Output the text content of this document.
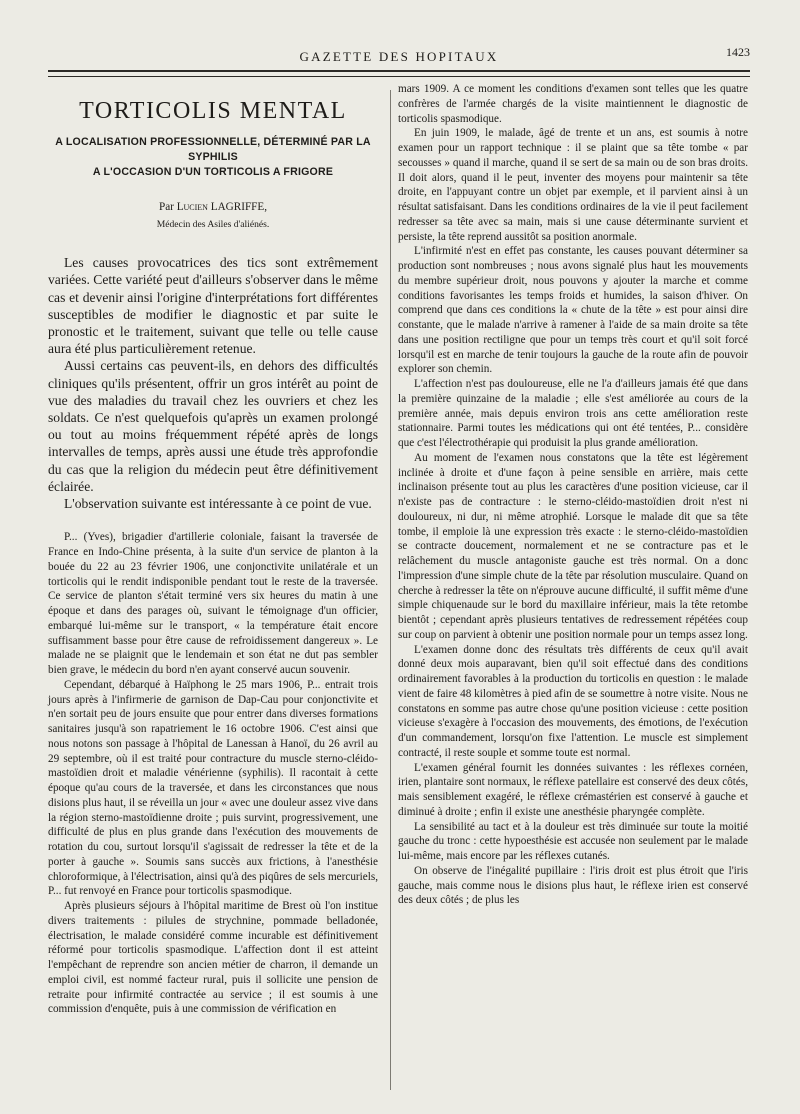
GAZETTE DES HOPITAUX	1423
TORTICOLIS MENTAL
A LOCALISATION PROFESSIONNELLE, DÉTERMINÉ PAR LA SYPHILIS
A L'OCCASION D'UN TORTICOLIS A FRIGORE
Par Lucien LAGRIFFE,
Médecin des Asiles d'aliénés.

Les causes provocatrices des tics sont extrêmement variées. Cette variété peut d'ailleurs s'observer dans le même cas et devenir ainsi l'origine d'interprétations fort différentes susceptibles de modifier le diagnostic et par suite le pronostic et le traitement, suivant que telle ou telle cause aura été plus particulièrement retenue.

Aussi certains cas peuvent-ils, en dehors des difficultés cliniques qu'ils présentent, offrir un gros intérêt au point de vue des maladies du travail chez les ouvriers et chez les soldats. Ce n'est quelquefois qu'après un examen prolongé ou tout au moins fréquemment répété après de longs intervalles de temps, après aussi une étude très approfondie du cas que la religion du médecin peut être définitivement éclairée.

L'observation suivante est intéressante à ce point de vue.

P... (Yves), brigadier d'artillerie coloniale, faisant la traversée de France en Indo-Chine présenta, à la suite d'un service de planton à la bouée du 22 au 23 février 1906, une conjonctivite unilatérale et un torticolis qui le rendit indisponible pendant tout le reste de la traversée. Ce service de planton s'était terminé vers six heures du matin à une époque et dans des parages où, suivant le témoignage d'un officier, embarqué lui-même sur le transport, « la température était encore suffisamment basse pour être cause de refroidissement dangereux ». Le malade ne se plaignit que le lendemain et son état ne dut pas sembler bien grave, le médecin du bord n'en ayant conservé aucun souvenir.

Cependant, débarqué à Haïphong le 25 mars 1906, P... entrait trois jours après à l'infirmerie de garnison de Dap-Cau pour conjonctivite et n'en sortait peu de jours ensuite que pour entrer dans diverses formations sanitaires jusqu'à son rapatriement le 16 octobre 1906. C'est ainsi que nous notons son passage à l'hôpital de Lanessan à Hanoï, du 26 avril au 29 septembre, où il est traité pour contracture du muscle sterno-cléido-mastoïdien droit et maladie vénérienne (syphilis). Il racontait à cette époque qu'au cours de la traversée, et dans les circonstances que nous disions plus haut, il se réveilla un jour « avec une douleur assez vive dans la région sterno-mastoïdienne droite ; puis survint, progressivement, une difficulté de plus en plus grande dans l'exécution des mouvements de rotation du cou, surtout lorsqu'il s'agissait de redresser la tête et de la porter à gauche ». Soumis sans succès aux frictions, à l'anesthésie chloroformique, à l'électrisation, ainsi qu'à des piqûres de sels mercuriels, P... fut renvoyé en France pour torticolis spasmodique.

Après plusieurs séjours à l'hôpital maritime de Brest où l'on institue divers traitements : pilules de strychnine, pommade belladonée, électrisation, le malade considéré comme incurable est définitivement réformé pour torticolis spasmodique. L'affection dont il est atteint l'empêchant de reprendre son ancien métier de charron, il demande un emploi civil, est nommé facteur rural, puis il sollicite une pension de retraite pour infirmité contractée au service ; il est soumis à une commission d'enquête, puis à une commission de vérification en

mars 1909. A ce moment les conditions d'examen sont telles que les quatre confrères de l'armée chargés de la visite maintiennent le diagnostic de torticolis spasmodique.

En juin 1909, le malade, âgé de trente et un ans, est soumis à notre examen pour un rapport technique : il se plaint que sa tête tombe « par secousses » quand il marche, quand il se sert de sa main ou de son bras droits. Il doit alors, quand il le peut, inventer des moyens pour maintenir sa tête droite, en l'appuyant contre un objet par exemple, et il parvient ainsi à un résultat satisfaisant. Dans les conditions ordinaires de la vie il peut facilement redresser sa tête avec sa main, mais si une cause déterminante survient et persiste, la tête reprend aussitôt sa position anormale.

L'infirmité n'est en effet pas constante, les causes pouvant déterminer sa production sont nombreuses ; nous avons signalé plus haut les mouvements du membre supérieur droit, nous pouvons y ajouter la marche et comme conditions favorisantes les temps froids et humides, la saison d'hiver. On comprend que dans ces conditions la « chute de la tête » est pour ainsi dire constante, que le malade n'arrive à ramener à l'aide de sa main droite sa tête dans une position rectiligne que pour un temps très court et qu'il soit forcé lorsqu'il est en marche de tenir toujours la gauche de la route afin de pouvoir explorer son chemin.

L'affection n'est pas douloureuse, elle ne l'a d'ailleurs jamais été que dans la première quinzaine de la maladie ; elle s'est améliorée au cours de la première année, mais depuis environ trois ans cette amélioration reste stationnaire. Parmi toutes les médications qui ont été tentées, P... considère que c'est l'électrothérapie qui produisit la plus grande amélioration.

Au moment de l'examen nous constatons que la tête est légèrement inclinée à droite et d'une façon à peine sensible en arrière, mais cette inclinaison présente tout au plus les caractères d'une position vicieuse, car il n'existe pas de contracture : le sterno-cléido-mastoïdien droit n'est ni douloureux, ni dur, ni même atrophié. Lorsque le malade dit que sa tête tombe, il emploie là une expression très exacte : le sterno-cléido-mastoïdien se contracte doucement, normalement et ne se contracture pas et le relâchement du muscle antagoniste gauche est très normal. On a donc l'impression d'une simple chute de la tête par résolution musculaire. Quand on cherche à redresser la tête on n'éprouve aucune difficulté, il suffit même d'une simple chiquenaude sur le bord du maxillaire inférieur, mais la tête retombe bientôt ; cependant après plusieurs tentatives de redressement répétées coup sur coup on parvient à obtenir une position normale pour un temps assez long.

L'examen donne donc des résultats très différents de ceux qu'il avait donné deux mois auparavant, bien qu'il soit effectué dans des conditions ordinairement favorables à la production du torticolis en question : le malade vient de faire 48 kilomètres à pied afin de se soumettre à notre visite. Nous ne constatons en somme pas autre chose qu'une position vicieuse : cette position vicieuse s'exagère à l'occasion des mouvements, des émotions, de l'exécution d'un commandement, lorsqu'on fixe l'attention. Le muscle est simplement contracté, il reste souple et somme toute est normal.

L'examen général fournit les données suivantes : les réflexes cornéen, irien, plantaire sont normaux, le réflexe patellaire est conservé des deux côtés, mais sensiblement exagéré, le réflexe crémastérien est conservé à gauche et diminué à droite ; enfin il existe une anesthésie pharyngée complète.

La sensibilité au tact et à la douleur est très diminuée sur toute la moitié gauche du tronc : cette hypoesthésie est accusée non seulement par le malade lui-même, mais encore par les réflexes cutanés.

On observe de l'inégalité pupillaire : l'iris droit est plus étroit que l'iris gauche, mais comme nous le disions plus haut, le réflexe irien est conservé des deux côtés ; de plus les
